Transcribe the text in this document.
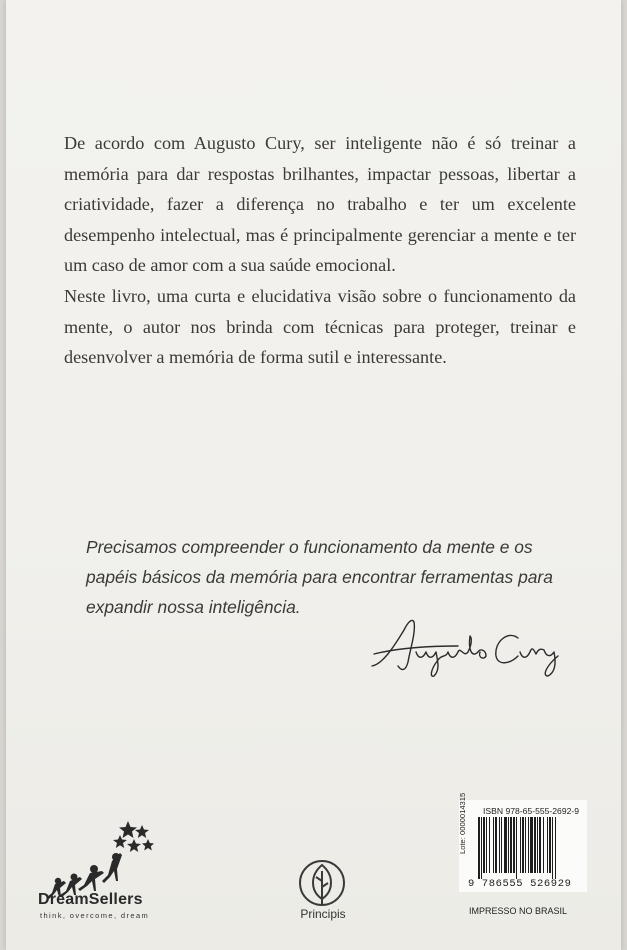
De acordo com Augusto Cury, ser inteligente não é só treinar a memória para dar respostas brilhantes, impactar pessoas, libertar a criatividade, fazer a diferença no trabalho e ter um excelente desempenho intelectual, mas é principalmente gerenciar a mente e ter um caso de amor com a sua saúde emocional.

Neste livro, uma curta e elucidativa visão sobre o funcionamento da mente, o autor nos brinda com técnicas para proteger, treinar e desenvolver a memória de forma sutil e interessante.

Precisamos compreender o funcionamento da mente e os papéis básicos da memória para encontrar ferramentas para expandir nossa inteligência.

DreamSellers
think, overcome, dream	Principis
ISBN 978-65-555-2692-9
Lote: 0000014315
9 786555 526929
IMPRESSO NO BRASIL
